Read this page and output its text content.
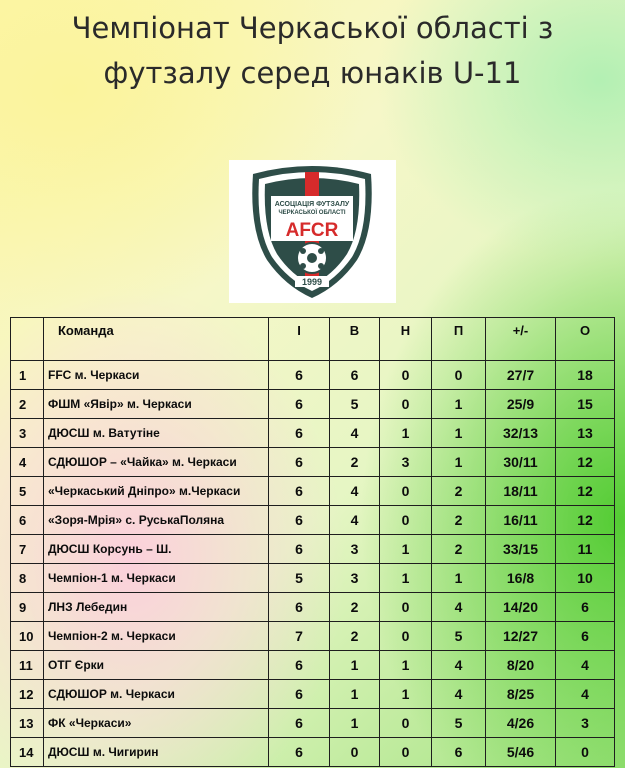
Чемпіонат Черкаської області з
футзалу серед юнаків U-11
АСОЦІАЦІЯ ФУТЗАЛУ
ЧЕРКАСЬКОЇ ОБЛАСТІ
AFCR
1999
	Команда	І	В	Н	П	+/-	О
1	FFC м. Черкаси	6	6	0	0	27/7	18
2	ФШМ «Явір» м. Черкаси	6	5	0	1	25/9	15
3	ДЮСШ м. Ватутіне	6	4	1	1	32/13	13
4	СДЮШОР – «Чайка» м. Черкаси	6	2	3	1	30/11	12
5	«Черкаський Дніпро» м.Черкаси	6	4	0	2	18/11	12
6	«Зоря-Мрія» с. РуськаПоляна	6	4	0	2	16/11	12
7	ДЮСШ Корсунь – Ш.	6	3	1	2	33/15	11
8	Чемпіон-1 м. Черкаси	5	3	1	1	16/8	10
9	ЛНЗ Лебедин	6	2	0	4	14/20	6
10	Чемпіон-2 м. Черкаси	7	2	0	5	12/27	6
11	ОТГ Єрки	6	1	1	4	8/20	4
12	СДЮШОР м. Черкаси	6	1	1	4	8/25	4
13	ФК «Черкаси»	6	1	0	5	4/26	3
14	ДЮСШ м. Чигирин	6	0	0	6	5/46	0
